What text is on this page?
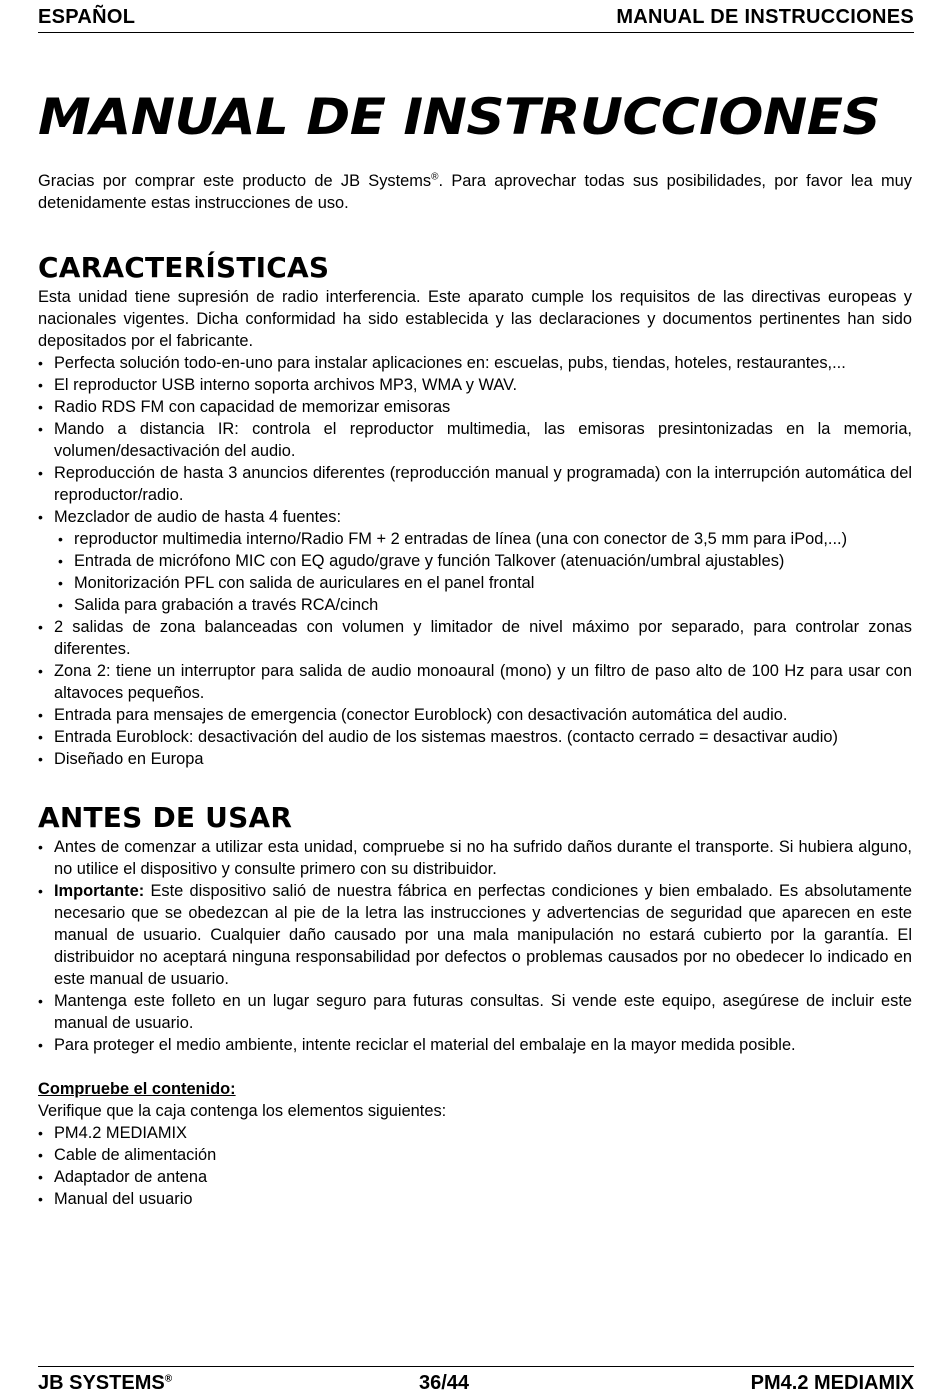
ESPAÑOL	MANUAL DE INSTRUCCIONES
MANUAL DE INSTRUCCIONES

Gracias por comprar este producto de JB Systems®. Para aprovechar todas sus posibilidades, por favor lea muy detenidamente estas instrucciones de uso.

CARACTERÍSTICAS

Esta unidad tiene supresión de radio interferencia. Este aparato cumple los requisitos de las directivas europeas y nacionales vigentes. Dicha conformidad ha sido establecida y las declaraciones y documentos pertinentes han sido depositados por el fabricante.

• Perfecta solución todo-en-uno para instalar aplicaciones en: escuelas, pubs, tiendas, hoteles, restaurantes,...
• El reproductor USB interno soporta archivos MP3, WMA y WAV.
• Radio RDS FM con capacidad de memorizar emisoras
• Mando a distancia IR: controla el reproductor multimedia, las emisoras presintonizadas en la memoria, volumen/desactivación del audio.
• Reproducción de hasta 3 anuncios diferentes (reproducción manual y programada) con la interrupción automática del reproductor/radio.
• Mezclador de audio de hasta 4 fuentes:
• reproductor multimedia interno/Radio FM + 2 entradas de línea (una con conector de 3,5 mm para iPod,...)
• Entrada de micrófono MIC con EQ agudo/grave y función Talkover (atenuación/umbral ajustables)
• Monitorización PFL con salida de auriculares en el panel frontal
• Salida para grabación a través RCA/cinch
• 2 salidas de zona balanceadas con volumen y limitador de nivel máximo por separado, para controlar zonas diferentes.
• Zona 2: tiene un interruptor para salida de audio monoaural (mono) y un filtro de paso alto de 100 Hz para usar con altavoces pequeños.
• Entrada para mensajes de emergencia (conector Euroblock) con desactivación automática del audio.
• Entrada Euroblock: desactivación del audio de los sistemas maestros. (contacto cerrado = desactivar audio)
• Diseñado en Europa
ANTES DE USAR
• Antes de comenzar a utilizar esta unidad, compruebe si no ha sufrido daños durante el transporte. Si hubiera alguno, no utilice el dispositivo y consulte primero con su distribuidor.
• Importante: Este dispositivo salió de nuestra fábrica en perfectas condiciones y bien embalado. Es absolutamente necesario que se obedezcan al pie de la letra las instrucciones y advertencias de seguridad que aparecen en este manual de usuario. Cualquier daño causado por una mala manipulación no estará cubierto por la garantía. El distribuidor no aceptará ninguna responsabilidad por defectos o problemas causados por no obedecer lo indicado en este manual de usuario.
• Mantenga este folleto en un lugar seguro para futuras consultas. Si vende este equipo, asegúrese de incluir este manual de usuario.
• Para proteger el medio ambiente, intente reciclar el material del embalaje en la mayor medida posible.
Compruebe el contenido:

Verifique que la caja contenga los elementos siguientes:

• PM4.2 MEDIAMIX
• Cable de alimentación
• Adaptador de antena
• Manual del usuario
JB SYSTEMS®	36/44	PM4.2 MEDIAMIX
